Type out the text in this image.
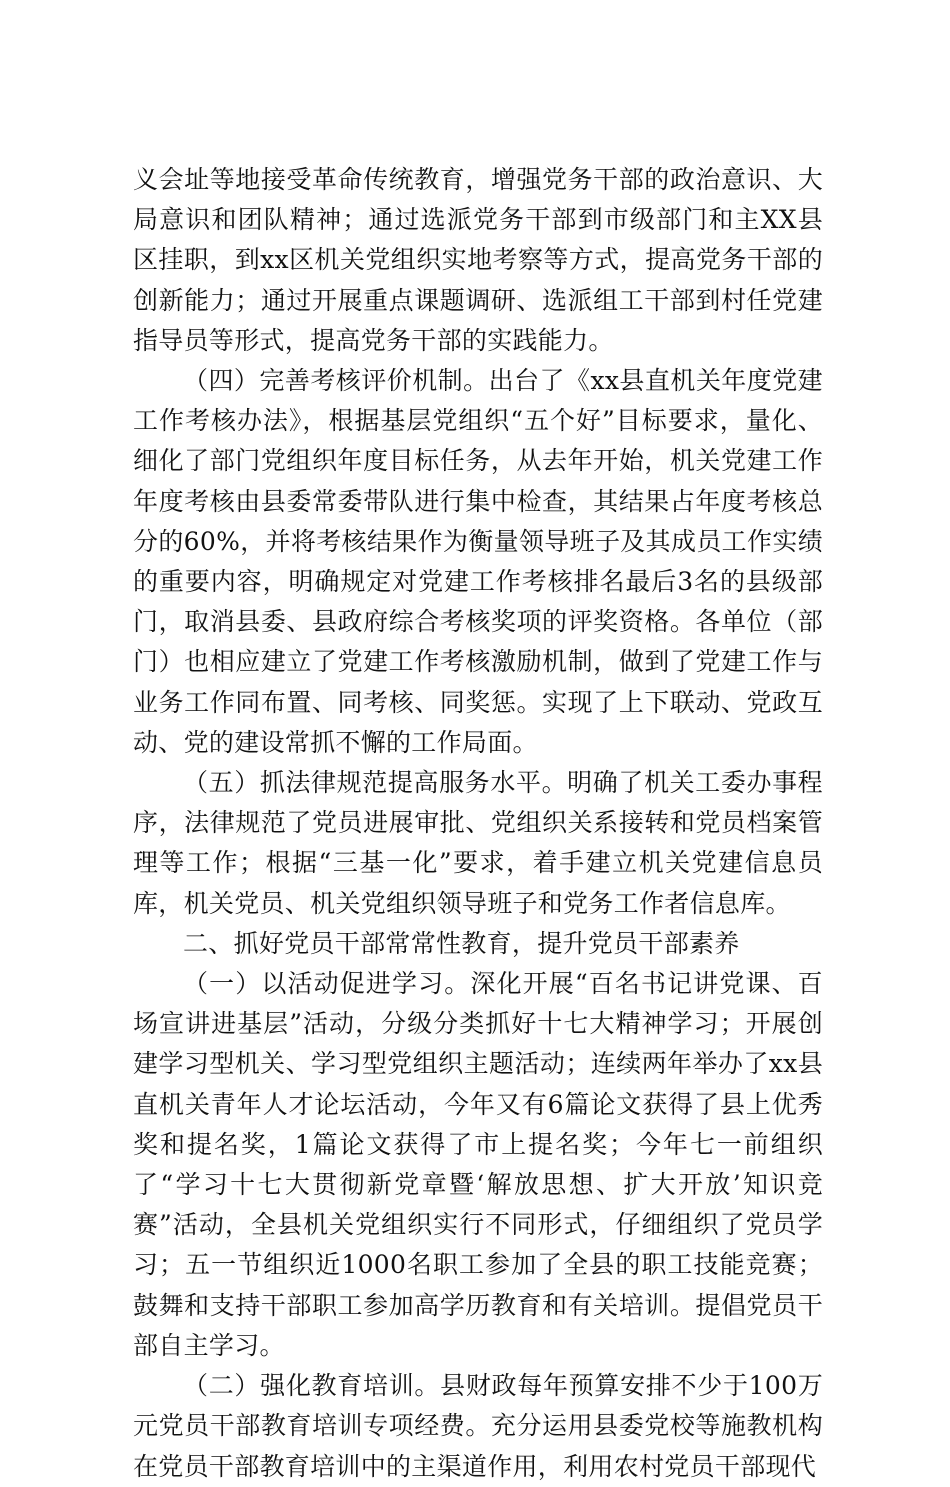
义会址等地接受革命传统教育，增强党务干部的政治意识、大局意识和团队精神；通过选派党务干部到市级部门和主XX县区挂职，到xx区机关党组织实地考察等方式，提高党务干部的创新能力；通过开展重点课题调研、选派组工干部到村任党建指导员等形式，提高党务干部的实践能力。

（四）完善考核评价机制。出台了《xx县直机关年度党建工作考核办法》，根据基层党组织“五个好”目标要求，量化、细化了部门党组织年度目标任务，从去年开始，机关党建工作年度考核由县委常委带队进行集中检查，其结果占年度考核总分的60%，并将考核结果作为衡量领导班子及其成员工作实绩的重要内容，明确规定对党建工作考核排名最后3名的县级部门，取消县委、县政府综合考核奖项的评奖资格。各单位（部门）也相应建立了党建工作考核激励机制，做到了党建工作与业务工作同布置、同考核、同奖惩。实现了上下联动、党政互动、党的建设常抓不懈的工作局面。

（五）抓法律规范提高服务水平。明确了机关工委办事程序，法律规范了党员进展审批、党组织关系接转和党员档案管理等工作；根据“三基一化”要求，着手建立机关党建信息员库，机关党员、机关党组织领导班子和党务工作者信息库。

二、抓好党员干部常常性教育，提升党员干部素养

（一）以活动促进学习。深化开展“百名书记讲党课、百场宣讲进基层”活动，分级分类抓好十七大精神学习；开展创建学习型机关、学习型党组织主题活动；连续两年举办了xx县直机关青年人才论坛活动，今年又有6篇论文获得了县上优秀奖和提名奖，1篇论文获得了市上提名奖；今年七一前组织了“学习十七大贯彻新党章暨‘解放思想、扩大开放’知识竞赛”活动，全县机关党组织实行不同形式，仔细组织了党员学习；五一节组织近1000名职工参加了全县的职工技能竞赛；鼓舞和支持干部职工参加高学历教育和有关培训。提倡党员干部自主学习。

（二）强化教育培训。县财政每年预算安排不少于100万元党员干部教育培训专项经费。充分运用县委党校等施教机构在党员干部教育培训中的主渠道作用，利用农村党员干部现代
